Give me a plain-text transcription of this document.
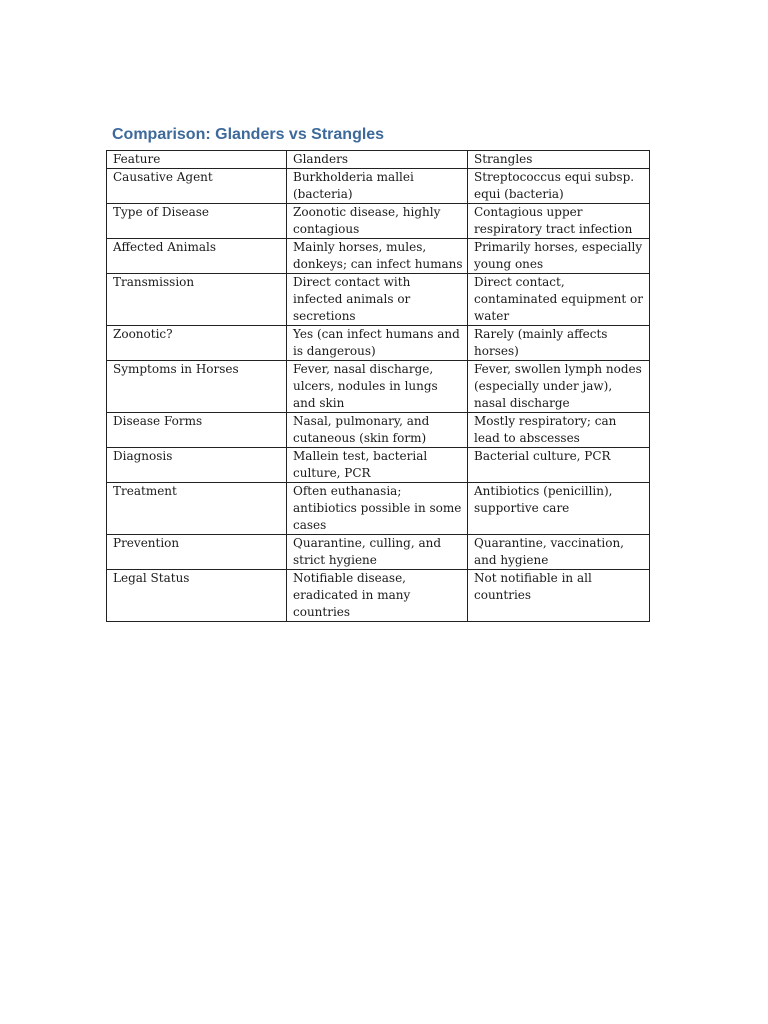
Comparison: Glanders vs Strangles
Feature	Glanders	Strangles
Causative Agent	Burkholderia mallei (bacteria)	Streptococcus equi subsp. equi (bacteria)
Type of Disease	Zoonotic disease, highly contagious	Contagious upper respiratory tract infection
Affected Animals	Mainly horses, mules, donkeys; can infect humans	Primarily horses, especially young ones
Transmission	Direct contact with infected animals or secretions	Direct contact, contaminated equipment or water
Zoonotic?	Yes (can infect humans and is dangerous)	Rarely (mainly affects horses)
Symptoms in Horses	Fever, nasal discharge, ulcers, nodules in lungs and skin	Fever, swollen lymph nodes (especially under jaw), nasal discharge
Disease Forms	Nasal, pulmonary, and cutaneous (skin form)	Mostly respiratory; can lead to abscesses
Diagnosis	Mallein test, bacterial culture, PCR	Bacterial culture, PCR
Treatment	Often euthanasia; antibiotics possible in some cases	Antibiotics (penicillin), supportive care
Prevention	Quarantine, culling, and strict hygiene	Quarantine, vaccination, and hygiene
Legal Status	Notifiable disease, eradicated in many countries	Not notifiable in all countries
